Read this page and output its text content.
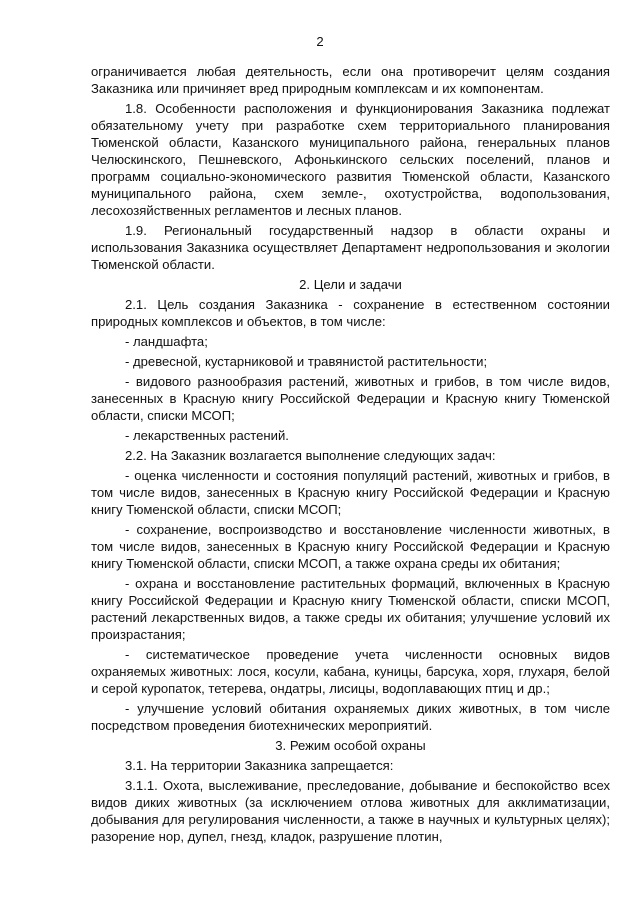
2

ограничивается любая деятельность, если она противоречит целям создания Заказника или причиняет вред природным комплексам и их компонентам.

1.8. Особенности расположения и функционирования Заказника подлежат обязательному учету при разработке схем территориального планирования Тюменской области, Казанского муниципального района, генеральных планов Челюскинского, Пешневского, Афонькинского сельских поселений, планов и программ социально-экономического развития Тюменской области, Казанского муниципального района, схем земле-, охотустройства, водопользования, лесохозяйственных регламентов и лесных планов.

1.9. Региональный государственный надзор в области охраны и использования Заказника осуществляет Департамент недропользования и экологии Тюменской области.

2. Цели и задачи

2.1. Цель создания Заказника - сохранение в естественном состоянии природных комплексов и объектов, в том числе:

- ландшафта;

- древесной, кустарниковой и травянистой растительности;

- видового разнообразия растений, животных и грибов, в том числе видов, занесенных в Красную книгу Российской Федерации и Красную книгу Тюменской области, списки МСОП;

- лекарственных растений.

2.2. На Заказник возлагается выполнение следующих задач:

- оценка численности и состояния популяций растений, животных и грибов, в том числе видов, занесенных в Красную книгу Российской Федерации и Красную книгу Тюменской области, списки МСОП;

- сохранение, воспроизводство и восстановление численности животных, в том числе видов, занесенных в Красную книгу Российской Федерации и Красную книгу Тюменской области, списки МСОП, а также охрана среды их обитания;

- охрана и восстановление растительных формаций, включенных в Красную книгу Российской Федерации и Красную книгу Тюменской области, списки МСОП, растений лекарственных видов, а также среды их обитания; улучшение условий их произрастания;

- систематическое проведение учета численности основных видов охраняемых животных: лося, косули, кабана, куницы, барсука, хоря, глухаря, белой и серой куропаток, тетерева, ондатры, лисицы, водоплавающих птиц и др.;

- улучшение условий обитания охраняемых диких животных, в том числе посредством проведения биотехнических мероприятий.

3. Режим особой охраны

3.1. На территории Заказника запрещается:

3.1.1. Охота, выслеживание, преследование, добывание и беспокойство всех видов диких животных (за исключением отлова животных для акклиматизации, добывания для регулирования численности, а также в научных и культурных целях); разорение нор, дупел, гнезд, кладок, разрушение плотин,
